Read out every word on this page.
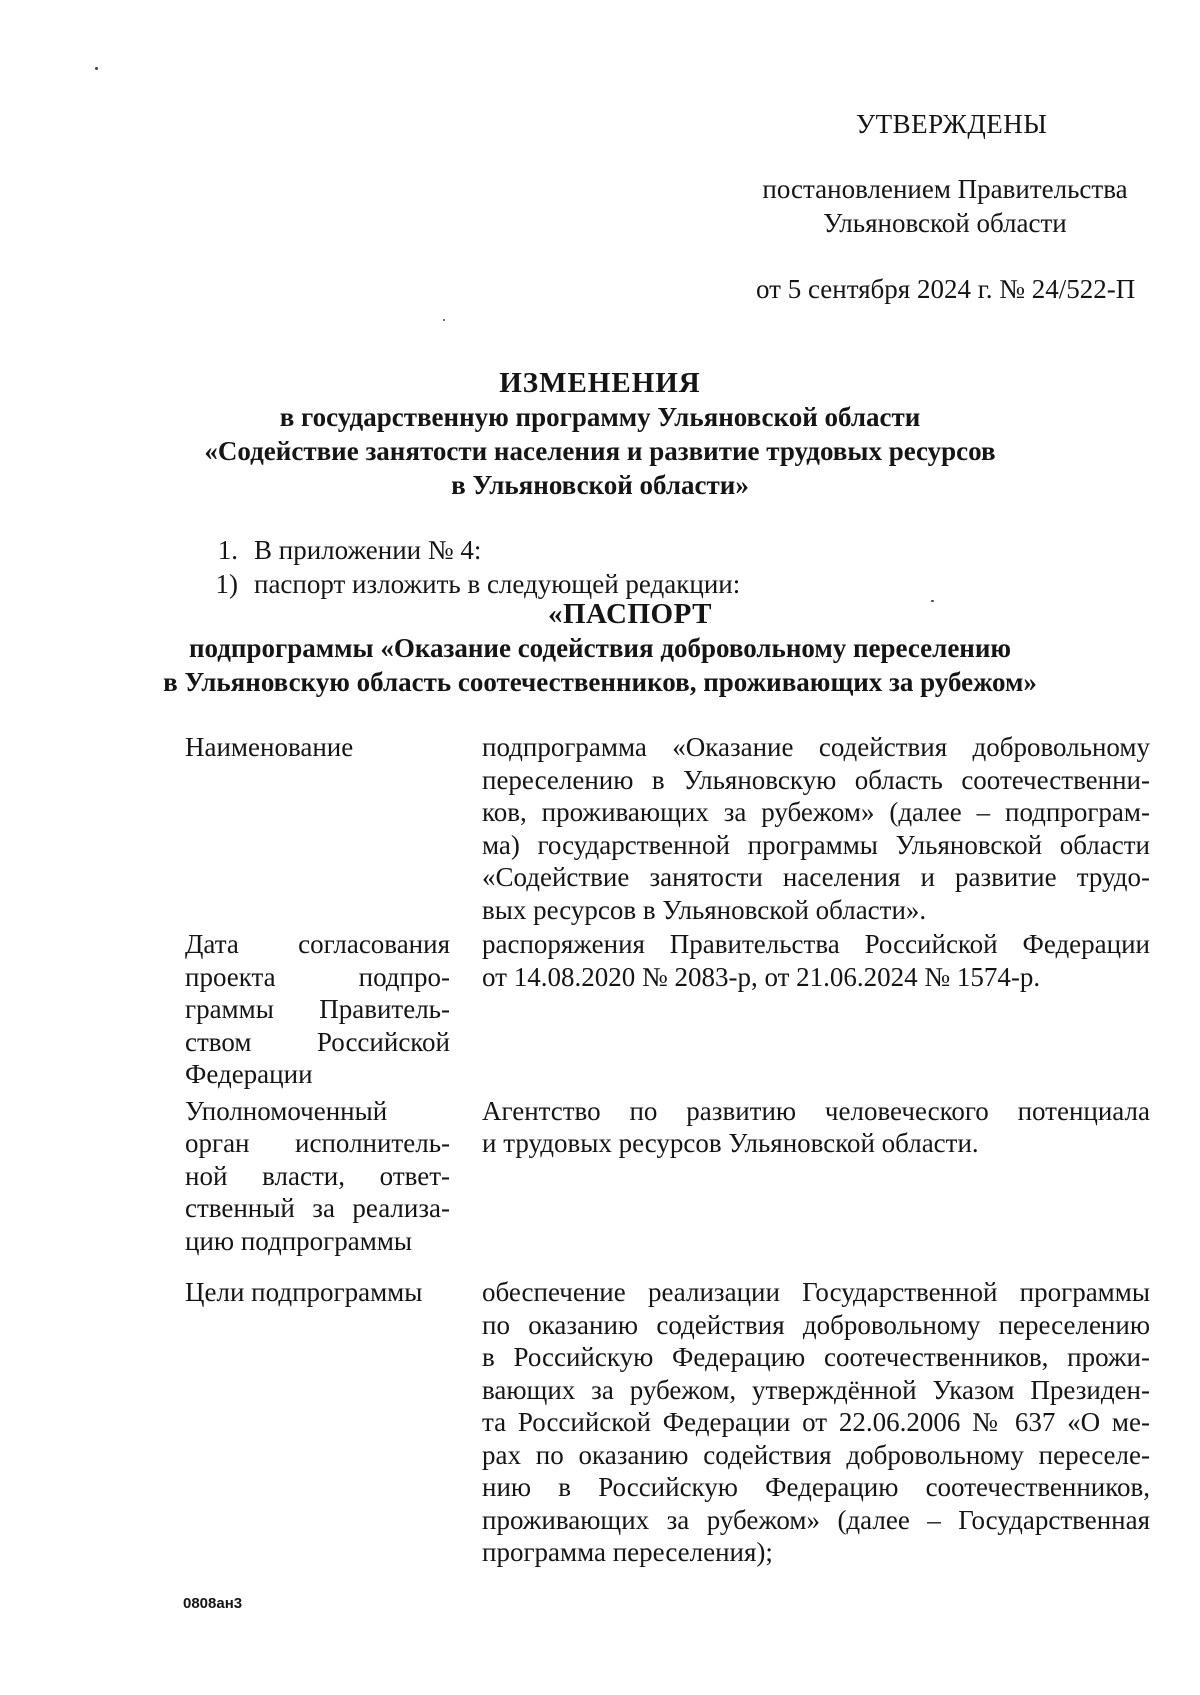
УТВЕРЖДЕНЫ
постановлением Правительства
Ульяновской области
от 5 сентября 2024 г. № 24/522-П
ИЗМЕНЕНИЯ
в государственную программу Ульяновской области
«Содействие занятости населения и развитие трудовых ресурсов
в Ульяновской области»
1. В приложении № 4:
1) паспорт изложить в следующей редакции:
«ПАСПОРТ
подпрограммы «Оказание содействия добровольному переселению
в Ульяновскую область соотечественников, проживающих за рубежом»
Наименование	подпрограмма «Оказание содействия добровольному
переселению в Ульяновскую область соотечественни-
ков, проживающих за рубежом» (далее – подпрограм-
ма) государственной программы Ульяновской области
«Содействие занятости населения и развитие трудо-
вых ресурсов в Ульяновской области».
Дата согласования
проекта подпро-
граммы Правитель-
ством Российской
Федерации
распоряжения Правительства Российской Федерации
от 14.08.2020 № 2083-р, от 21.06.2024 № 1574-р.
Уполномоченный
орган исполнитель-
ной власти, ответ-
ственный за реализа-
цию подпрограммы
Агентство по развитию человеческого потенциала
и трудовых ресурсов Ульяновской области.
Цели подпрограммы	обеспечение реализации Государственной программы
по оказанию содействия добровольному переселению
в Российскую Федерацию соотечественников, прожи-
вающих за рубежом, утверждённой Указом Президен-
та Российской Федерации от 22.06.2006 № 637 «О ме-
рах по оказанию содействия добровольному переселе-
нию в Российскую Федерацию соотечественников,
проживающих за рубежом» (далее – Государственная
программа переселения);
0808ан3
